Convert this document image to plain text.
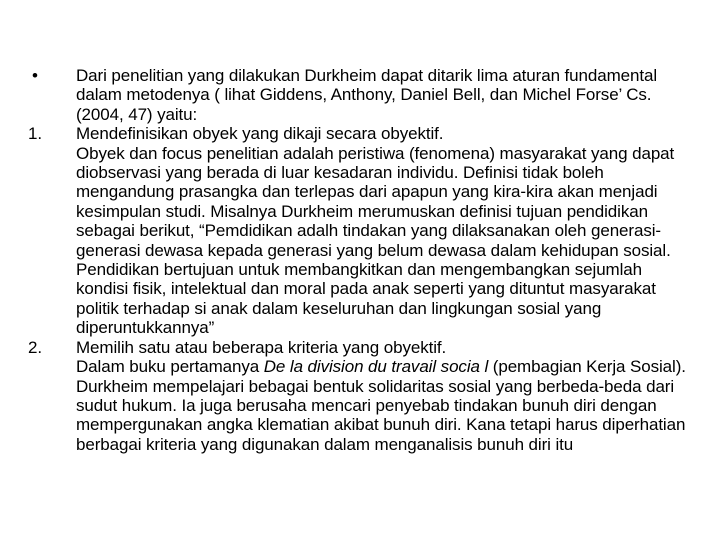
•	Dari penelitian yang dilakukan Durkheim dapat ditarik lima aturan fundamental dalam metodenya ( lihat Giddens, Anthony, Daniel Bell, dan Michel Forse’ Cs. (2004, 47) yaitu:
1.	Mendefinisikan obyek yang dikaji secara obyektif.
Obyek dan focus penelitian adalah peristiwa (fenomena) masyarakat yang dapat diobservasi yang berada di luar kesadaran individu. Definisi tidak boleh mengandung prasangka dan terlepas dari apapun yang kira-kira akan menjadi kesimpulan studi. Misalnya Durkheim merumuskan definisi tujuan pendidikan sebagai berikut, “Pemdidikan adalh tindakan yang dilaksanakan oleh generasi-generasi dewasa kepada generasi yang belum dewasa dalam kehidupan sosial. Pendidikan bertujuan untuk membangkitkan dan mengembangkan sejumlah kondisi fisik, intelektual dan moral pada anak seperti yang dituntut masyarakat politik terhadap si anak dalam keseluruhan dan lingkungan sosial yang diperuntukkannya”
2.	Memilih satu atau beberapa kriteria yang obyektif.
Dalam buku pertamanya De la division du travail socia l (pembagian Kerja Sosial). Durkheim mempelajari bebagai bentuk solidaritas sosial yang berbeda-beda dari sudut hukum. Ia juga berusaha mencari penyebab tindakan bunuh diri dengan mempergunakan angka klematian akibat bunuh diri. Kana tetapi harus diperhatian berbagai kriteria yang digunakan dalam menganalisis bunuh diri itu
